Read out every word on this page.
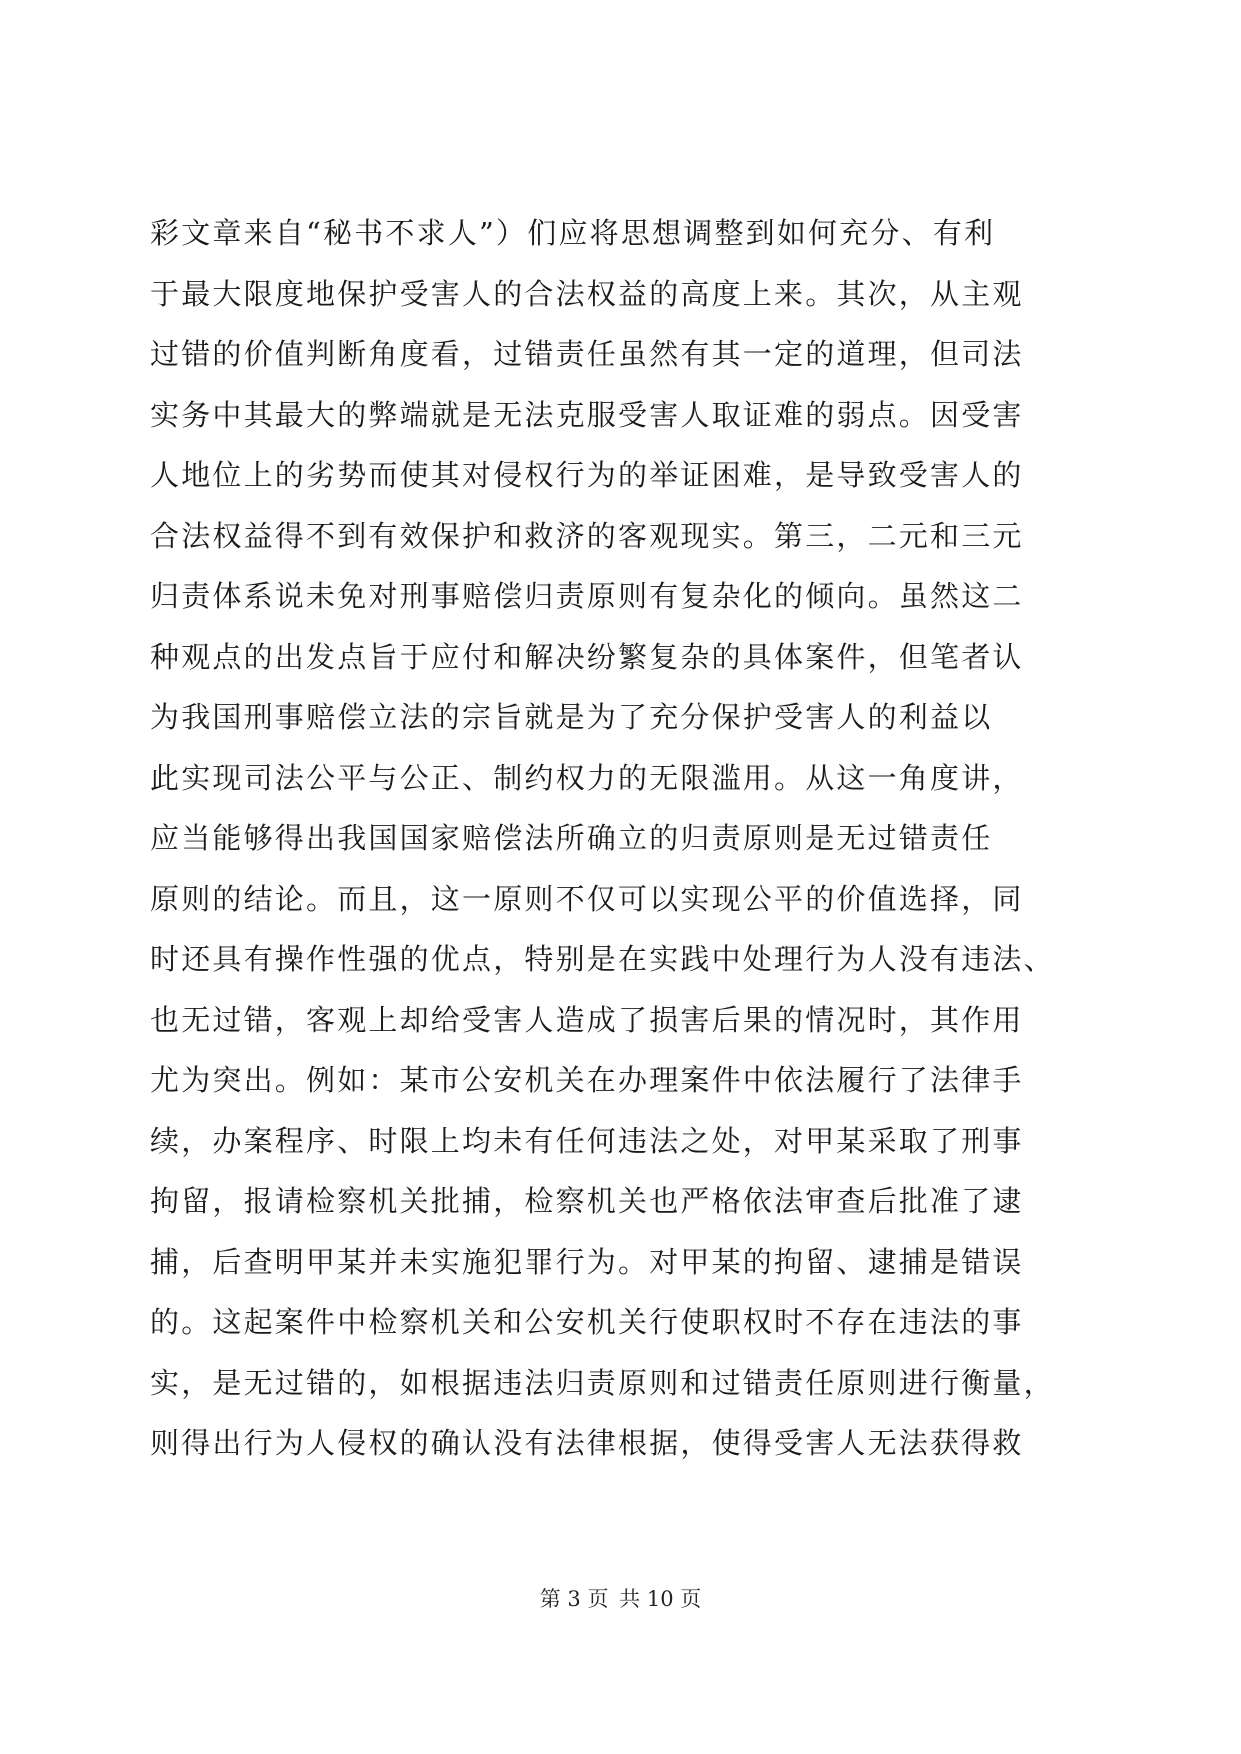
彩文章来自“秘书不求人”）们应将思想调整到如何充分、有利
于最大限度地保护受害人的合法权益的高度上来。其次，从主观
过错的价值判断角度看，过错责任虽然有其一定的道理，但司法
实务中其最大的弊端就是无法克服受害人取证难的弱点。因受害
人地位上的劣势而使其对侵权行为的举证困难，是导致受害人的
合法权益得不到有效保护和救济的客观现实。第三，二元和三元
归责体系说未免对刑事赔偿归责原则有复杂化的倾向。虽然这二
种观点的出发点旨于应付和解决纷繁复杂的具体案件，但笔者认
为我国刑事赔偿立法的宗旨就是为了充分保护受害人的利益以
此实现司法公平与公正、制约权力的无限滥用。从这一角度讲，
应当能够得出我国国家赔偿法所确立的归责原则是无过错责任
原则的结论。而且，这一原则不仅可以实现公平的价值选择，同
时还具有操作性强的优点，特别是在实践中处理行为人没有违法、
也无过错，客观上却给受害人造成了损害后果的情况时，其作用
尤为突出。例如：某市公安机关在办理案件中依法履行了法律手
续，办案程序、时限上均未有任何违法之处，对甲某采取了刑事
拘留，报请检察机关批捕，检察机关也严格依法审查后批准了逮
捕，后查明甲某并未实施犯罪行为。对甲某的拘留、逮捕是错误
的。这起案件中检察机关和公安机关行使职权时不存在违法的事
实，是无过错的，如根据违法归责原则和过错责任原则进行衡量，
则得出行为人侵权的确认没有法律根据，使得受害人无法获得救
第 3 页 共 10 页
